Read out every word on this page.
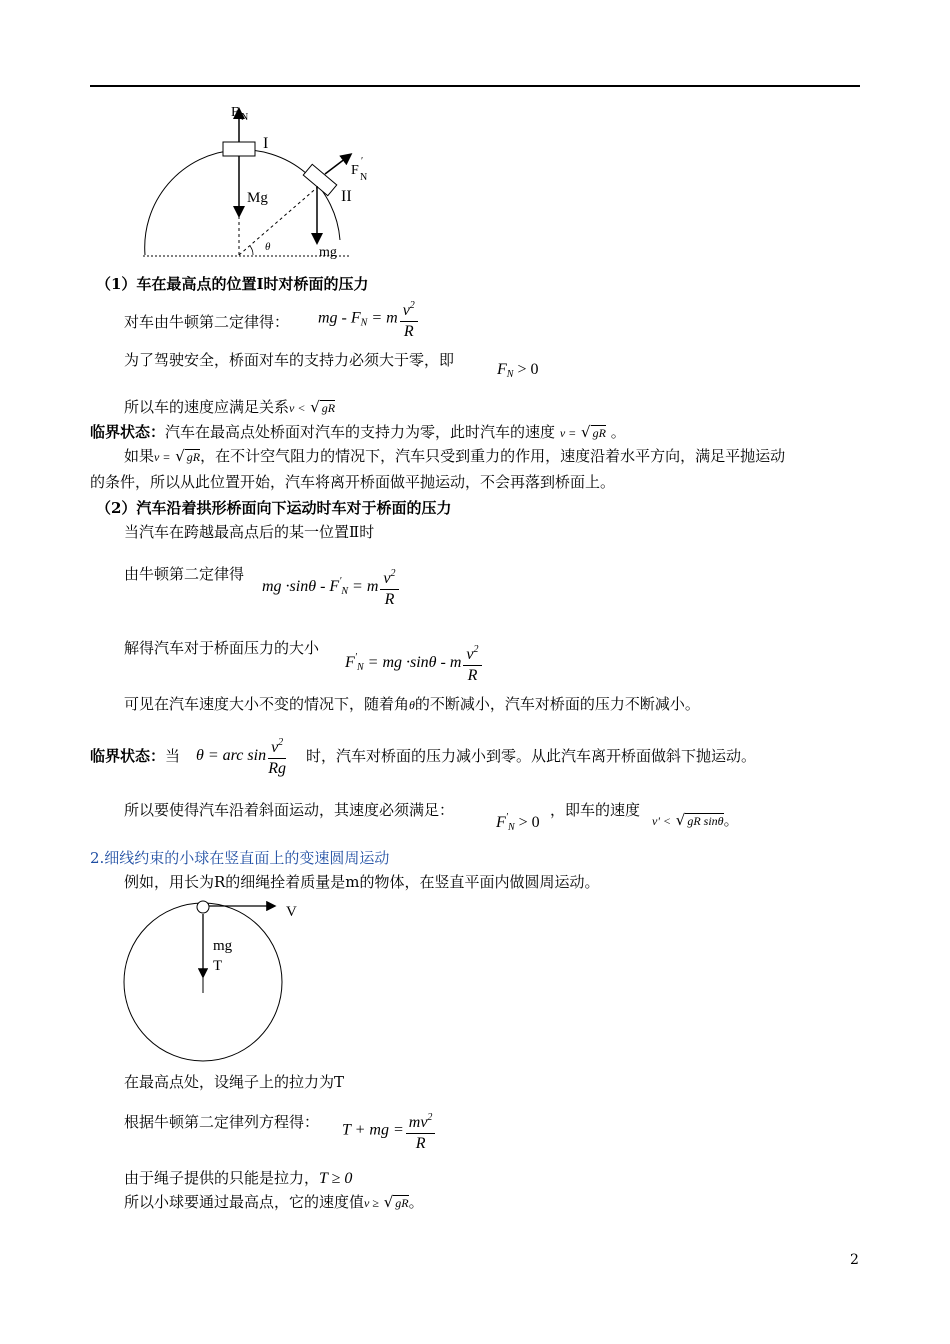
F N
I
Mg
F
′
N
II
θ	mg
（1）车在最高点的位置Ⅰ时对桥面的压力
对车由牛顿第二定律得： mg - $F_N = m \frac{v^2}{R}$
为了驾驶安全，桥面对车的支持力必须大于零，即
$F_N > 0$
所以车的速度应满足关系v < √ gR
临界状态：汽车在最高点处桥面对汽车的支持力为零，此时汽车的速度 v = √ gR 。
如果v = √ gR，在不计空气阻力的情况下，汽车只受到重力的作用，速度沿着水平方向，满足平抛运动
的条件，所以从此位置开始，汽车将离开桥面做平抛运动，不会再落到桥面上。
（2）汽车沿着拱形桥面向下运动时车对于桥面的压力
当汽车在跨越最高点后的某一位置Ⅱ时
由牛顿第二定律得
mg $\cdot\sin\theta - F'_N = m \frac{v^2}{R}$
解得汽车对于桥面压力的大小
$F'_N$ = mg ·sinθ - m $\frac{v^2}{R}$
可见在汽车速度大小不变的情况下，随着角θ的不断减小，汽车对桥面的压力不断减小。
临界状态：当 θ = arc $\sin \frac{v^2}{Rg}$ 时，汽车对桥面的压力减小到零。从此汽车离开桥面做斜下抛运动。
所以要使得汽车沿着斜面运动，其速度必须满足：
$F'_N > 0$
，即车的速度
v' < √ gR sinθ。
2.细线约束的小球在竖直面上的变速圆周运动
例如，用长为R的细绳拴着质量是m的物体，在竖直平面内做圆周运动。
V
mg
T
在最高点处，设绳子上的拉力为T
根据牛顿第二定律列方程得： T + mg = $\frac{mv^2}{R}$
由于绳子提供的只能是拉力，T ≥ 0
所以小球要通过最高点，它的速度值v ≥ √ gR。
2
